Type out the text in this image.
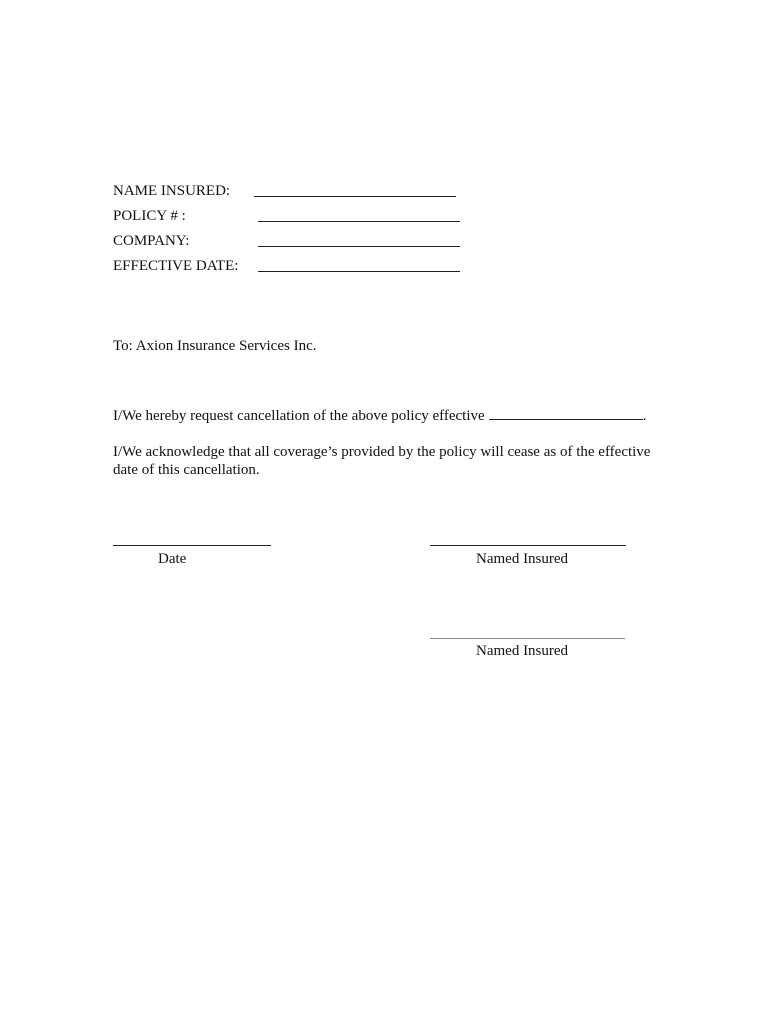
NAME INSURED:
POLICY # :
COMPANY:
EFFECTIVE DATE:
To: Axion Insurance Services Inc.
I/We hereby request cancellation of the above policy effective	.
I/We acknowledge that all coverage’s provided by the policy will cease as of the effective
date of this cancellation.
Date	Named Insured
Named Insured
